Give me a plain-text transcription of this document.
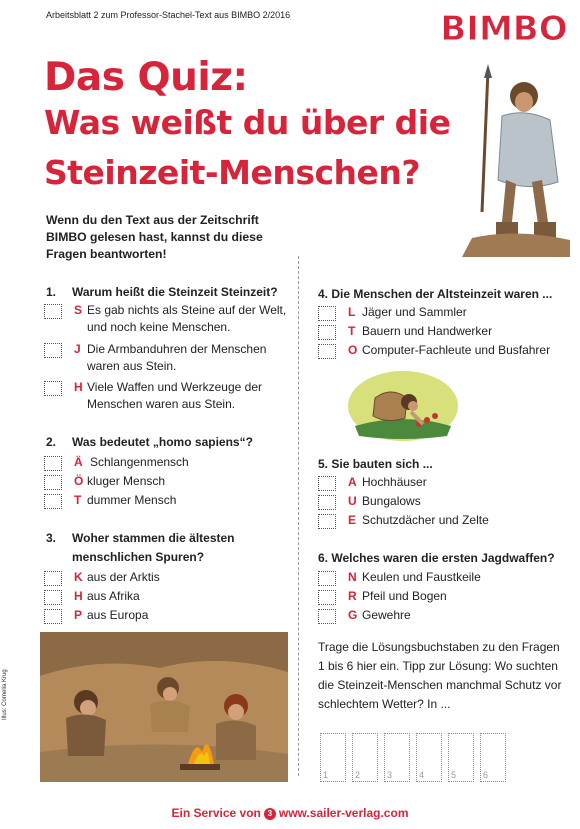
Arbeitsblatt 2 zum Professor-Stachel-Text aus BIMBO 2/2016	BIMBO
Das Quiz:
Was weißt du über die
Steinzeit-Menschen?
Wenn du den Text aus der Zeitschrift BIMBO gelesen hast, kannst du diese Fragen beantworten!
1. Warum heißt die Steinzeit Steinzeit?
S Es gab nichts als Steine auf der Welt,
und noch keine Menschen.
J Die Armbanduhren der Menschen
waren aus Stein.
H Viele Waffen und Werkzeuge der
Menschen waren aus Stein.
2. Was bedeutet „homo sapiens“?
Ä Schlangenmensch
Ö kluger Mensch
T dummer Mensch
3. Woher stammen die ältesten
menschlichen Spuren?
K aus der Arktis
H aus Afrika
P aus Europa
4. Die Menschen der Altsteinzeit waren ...
L Jäger und Sammler
T Bauern und Handwerker
O Computer-Fachleute und Busfahrer
5. Sie bauten sich ...
A Hochhäuser
U Bungalows
E Schutzdächer und Zelte
6. Welches waren die ersten Jagdwaffen?
N Keulen und Faustkeile
R Pfeil und Bogen
G Gewehre
Trage die Lösungsbuchstaben zu den Fragen 1 bis 6 hier ein. Tipp zur Lösung: Wo suchten die Steinzeit-Menschen manchmal Schutz vor schlechtem Wetter? In ...
1	2	3	4	5	6
Illus: Cornelia Krug
Ein Service von 3 www.sailer-verlag.com
